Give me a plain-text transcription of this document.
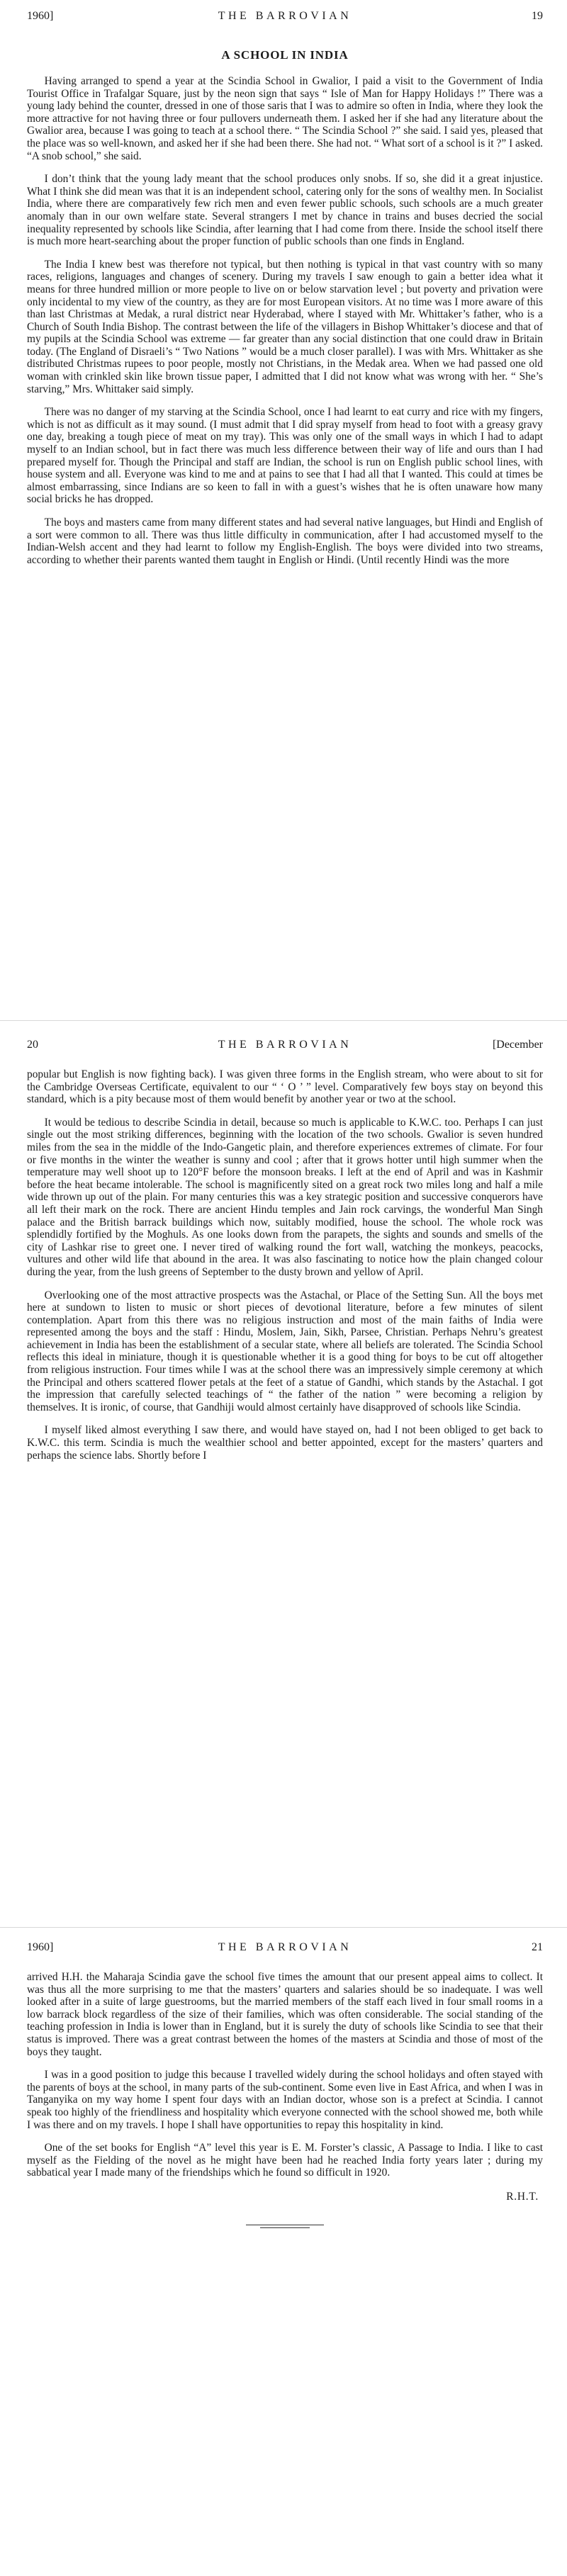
1960]	THE BARROVIAN	19
A SCHOOL IN INDIA

Having arranged to spend a year at the Scindia School in Gwalior, I paid a visit to the Government of India Tourist Office in Trafalgar Square, just by the neon sign that says “ Isle of Man for Happy Holidays !” There was a young lady behind the counter, dressed in one of those saris that I was to admire so often in India, where they look the more attractive for not having three or four pullovers underneath them. I asked her if she had any literature about the Gwalior area, because I was going to teach at a school there. “ The Scindia School ?” she said. I said yes, pleased that the place was so well-known, and asked her if she had been there. She had not. “ What sort of a school is it ?” I asked. “A snob school,” she said.

I don’t think that the young lady meant that the school produces only snobs. If so, she did it a great injustice. What I think she did mean was that it is an independent school, catering only for the sons of wealthy men. In Socialist India, where there are comparatively few rich men and even fewer public schools, such schools are a much greater anomaly than in our own welfare state. Several strangers I met by chance in trains and buses decried the social inequality represented by schools like Scindia, after learning that I had come from there. Inside the school itself there is much more heart-searching about the proper function of public schools than one finds in England.

The India I knew best was therefore not typical, but then nothing is typical in that vast country with so many races, religions, languages and changes of scenery. During my travels I saw enough to gain a better idea what it means for three hundred million or more people to live on or below starvation level ; but poverty and privation were only incidental to my view of the country, as they are for most European visitors. At no time was I more aware of this than last Christmas at Medak, a rural district near Hyderabad, where I stayed with Mr. Whittaker’s father, who is a Church of South India Bishop. The contrast between the life of the villagers in Bishop Whittaker’s diocese and that of my pupils at the Scindia School was extreme — far greater than any social distinction that one could draw in Britain today. (The England of Disraeli’s “ Two Nations ” would be a much closer parallel). I was with Mrs. Whittaker as she distributed Christmas rupees to poor people, mostly not Christians, in the Medak area. When we had passed one old woman with crinkled skin like brown tissue paper, I admitted that I did not know what was wrong with her. “ She’s starving,” Mrs. Whittaker said simply.

There was no danger of my starving at the Scindia School, once I had learnt to eat curry and rice with my fingers, which is not as difficult as it may sound. (I must admit that I did spray myself from head to foot with a greasy gravy one day, breaking a tough piece of meat on my tray). This was only one of the small ways in which I had to adapt myself to an Indian school, but in fact there was much less difference between their way of life and ours than I had prepared myself for. Though the Principal and staff are Indian, the school is run on English public school lines, with house system and all. Everyone was kind to me and at pains to see that I had all that I wanted. This could at times be almost embarrassing, since Indians are so keen to fall in with a guest’s wishes that he is often unaware how many social bricks he has dropped.

The boys and masters came from many different states and had several native languages, but Hindi and English of a sort were common to all. There was thus little difficulty in communication, after I had accustomed myself to the Indian-Welsh accent and they had learnt to follow my English-English. The boys were divided into two streams, according to whether their parents wanted them taught in English or Hindi. (Until recently Hindi was the more

20	THE BARROVIAN	[December

popular but English is now fighting back). I was given three forms in the English stream, who were about to sit for the Cambridge Overseas Certificate, equivalent to our “ ‘ O ’ ” level. Comparatively few boys stay on beyond this standard, which is a pity because most of them would benefit by another year or two at the school.

It would be tedious to describe Scindia in detail, because so much is applicable to K.W.C. too. Perhaps I can just single out the most striking differences, beginning with the location of the two schools. Gwalior is seven hundred miles from the sea in the middle of the Indo-Gangetic plain, and therefore experiences extremes of climate. For four or five months in the winter the weather is sunny and cool ; after that it grows hotter until high summer when the temperature may well shoot up to 120°F before the monsoon breaks. I left at the end of April and was in Kashmir before the heat became intolerable. The school is magnificently sited on a great rock two miles long and half a mile wide thrown up out of the plain. For many centuries this was a key strategic position and successive conquerors have all left their mark on the rock. There are ancient Hindu temples and Jain rock carvings, the wonderful Man Singh palace and the British barrack buildings which now, suitably modified, house the school. The whole rock was splendidly fortified by the Moghuls. As one looks down from the parapets, the sights and sounds and smells of the city of Lashkar rise to greet one. I never tired of walking round the fort wall, watching the monkeys, peacocks, vultures and other wild life that abound in the area. It was also fascinating to notice how the plain changed colour during the year, from the lush greens of September to the dusty brown and yellow of April.

Overlooking one of the most attractive prospects was the Astachal, or Place of the Setting Sun. All the boys met here at sundown to listen to music or short pieces of devotional literature, before a few minutes of silent contemplation. Apart from this there was no religious instruction and most of the main faiths of India were represented among the boys and the staff : Hindu, Moslem, Jain, Sikh, Parsee, Christian. Perhaps Nehru’s greatest achievement in India has been the establishment of a secular state, where all beliefs are tolerated. The Scindia School reflects this ideal in miniature, though it is questionable whether it is a good thing for boys to be cut off altogether from religious instruction. Four times while I was at the school there was an impressively simple ceremony at which the Principal and others scattered flower petals at the feet of a statue of Gandhi, which stands by the Astachal. I got the impression that carefully selected teachings of “ the father of the nation ” were becoming a religion by themselves. It is ironic, of course, that Gandhiji would almost certainly have disapproved of schools like Scindia.

I myself liked almost everything I saw there, and would have stayed on, had I not been obliged to get back to K.W.C. this term. Scindia is much the wealthier school and better appointed, except for the masters’ quarters and perhaps the science labs. Shortly before I

1960]	THE BARROVIAN	21

arrived H.H. the Maharaja Scindia gave the school five times the amount that our present appeal aims to collect. It was thus all the more surprising to me that the masters’ quarters and salaries should be so inadequate. I was well looked after in a suite of large guestrooms, but the married members of the staff each lived in four small rooms in a low barrack block regardless of the size of their families, which was often considerable. The social standing of the teaching profession in India is lower than in England, but it is surely the duty of schools like Scindia to see that their status is improved. There was a great contrast between the homes of the masters at Scindia and those of most of the boys they taught.

I was in a good position to judge this because I travelled widely during the school holidays and often stayed with the parents of boys at the school, in many parts of the sub-continent. Some even live in East Africa, and when I was in Tanganyika on my way home I spent four days with an Indian doctor, whose son is a prefect at Scindia. I cannot speak too highly of the friendliness and hospitality which everyone connected with the school showed me, both while I was there and on my travels. I hope I shall have opportunities to repay this hospitality in kind.

One of the set books for English “A” level this year is E. M. Forster’s classic, A Passage to India. I like to cast myself as the Fielding of the novel as he might have been had he reached India forty years later ; during my sabbatical year I made many of the friendships which he found so difficult in 1920.

R.H.T.
